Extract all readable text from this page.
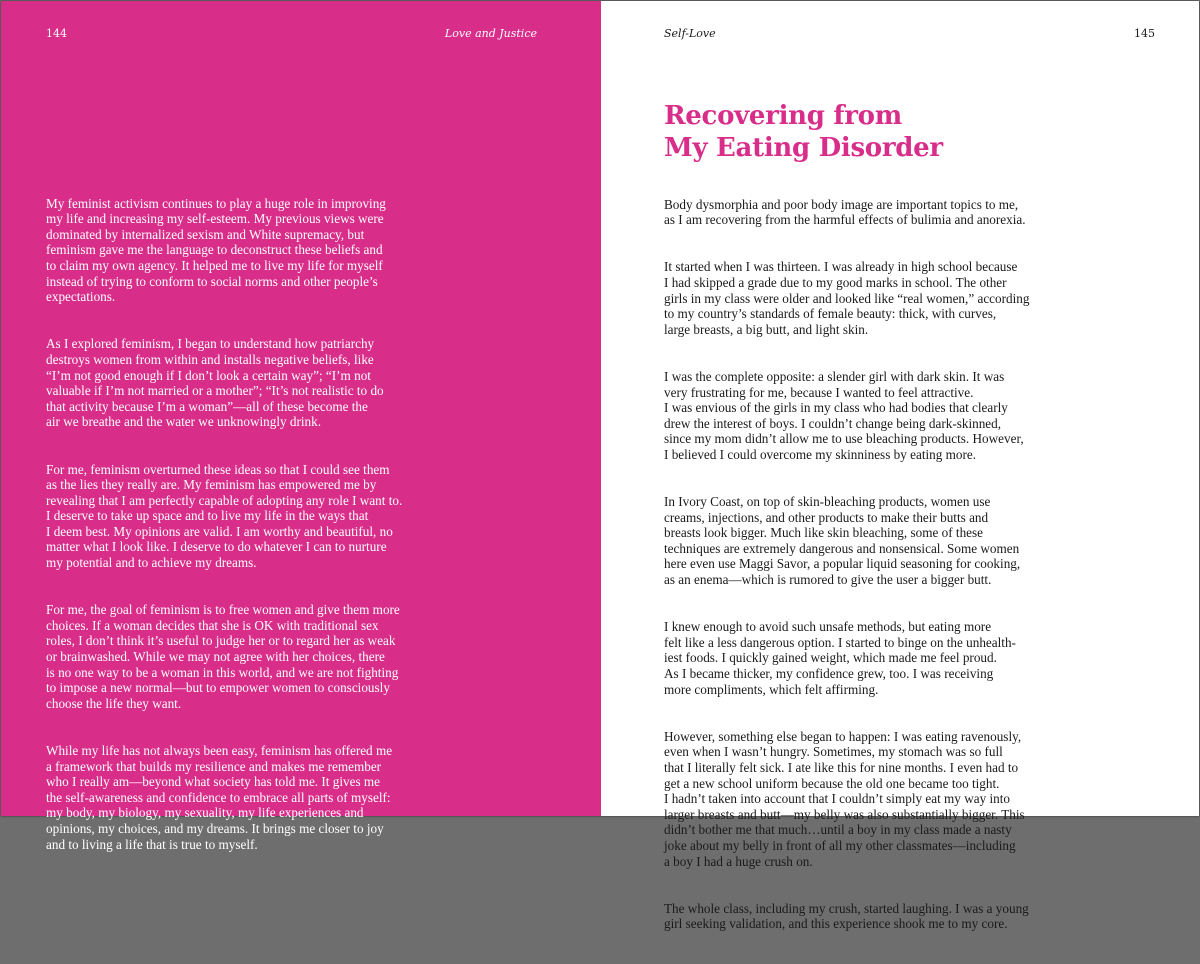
144	Love and Justice

My feminist activism continues to play a huge role in improving
my life and increasing my self-esteem. My previous views were
dominated by internalized sexism and White supremacy, but
feminism gave me the language to deconstruct these beliefs and
to claim my own agency. It helped me to live my life for myself
instead of trying to conform to social norms and other people’s
expectations.

As I explored feminism, I began to understand how patriarchy
destroys women from within and installs negative beliefs, like
“I’m not good enough if I don’t look a certain way”; “I’m not
valuable if I’m not married or a mother”; “It’s not realistic to do
that activity because I’m a woman”—all of these become the
air we breathe and the water we unknowingly drink.

For me, feminism overturned these ideas so that I could see them
as the lies they really are. My feminism has empowered me by
revealing that I am perfectly capable of adopting any role I want to.
I deserve to take up space and to live my life in the ways that
I deem best. My opinions are valid. I am worthy and beautiful, no
matter what I look like. I deserve to do whatever I can to nurture
my potential and to achieve my dreams.

For me, the goal of feminism is to free women and give them more
choices. If a woman decides that she is OK with traditional sex
roles, I don’t think it’s useful to judge her or to regard her as weak
or brainwashed. While we may not agree with her choices, there
is no one way to be a woman in this world, and we are not fighting
to impose a new normal—but to empower women to consciously
choose the life they want.

While my life has not always been easy, feminism has offered me
a framework that builds my resilience and makes me remember
who I really am—beyond what society has told me. It gives me
the self-awareness and confidence to embrace all parts of myself:
my body, my biology, my sexuality, my life experiences and
opinions, my choices, and my dreams. It brings me closer to joy
and to living a life that is true to myself.

Self-Love	145
Recovering from
My Eating Disorder

Body dysmorphia and poor body image are important topics to me,
as I am recovering from the harmful effects of bulimia and anorexia.

It started when I was thirteen. I was already in high school because
I had skipped a grade due to my good marks in school. The other
girls in my class were older and looked like “real women,” according
to my country’s standards of female beauty: thick, with curves,
large breasts, a big butt, and light skin.

I was the complete opposite: a slender girl with dark skin. It was
very frustrating for me, because I wanted to feel attractive.
I was envious of the girls in my class who had bodies that clearly
drew the interest of boys. I couldn’t change being dark-skinned,
since my mom didn’t allow me to use bleaching products. However,
I believed I could overcome my skinniness by eating more.

In Ivory Coast, on top of skin-bleaching products, women use
creams, injections, and other products to make their butts and
breasts look bigger. Much like skin bleaching, some of these
techniques are extremely dangerous and nonsensical. Some women
here even use Maggi Savor, a popular liquid seasoning for cooking,
as an enema—which is rumored to give the user a bigger butt.

I knew enough to avoid such unsafe methods, but eating more
felt like a less dangerous option. I started to binge on the unhealth-
iest foods. I quickly gained weight, which made me feel proud.
As I became thicker, my confidence grew, too. I was receiving
more compliments, which felt affirming.

However, something else began to happen: I was eating ravenously,
even when I wasn’t hungry. Sometimes, my stomach was so full
that I literally felt sick. I ate like this for nine months. I even had to
get a new school uniform because the old one became too tight.
I hadn’t taken into account that I couldn’t simply eat my way into
larger breasts and butt—my belly was also substantially bigger. This
didn’t bother me that much…until a boy in my class made a nasty
joke about my belly in front of all my other classmates—including
a boy I had a huge crush on.

The whole class, including my crush, started laughing. I was a young
girl seeking validation, and this experience shook me to my core.
